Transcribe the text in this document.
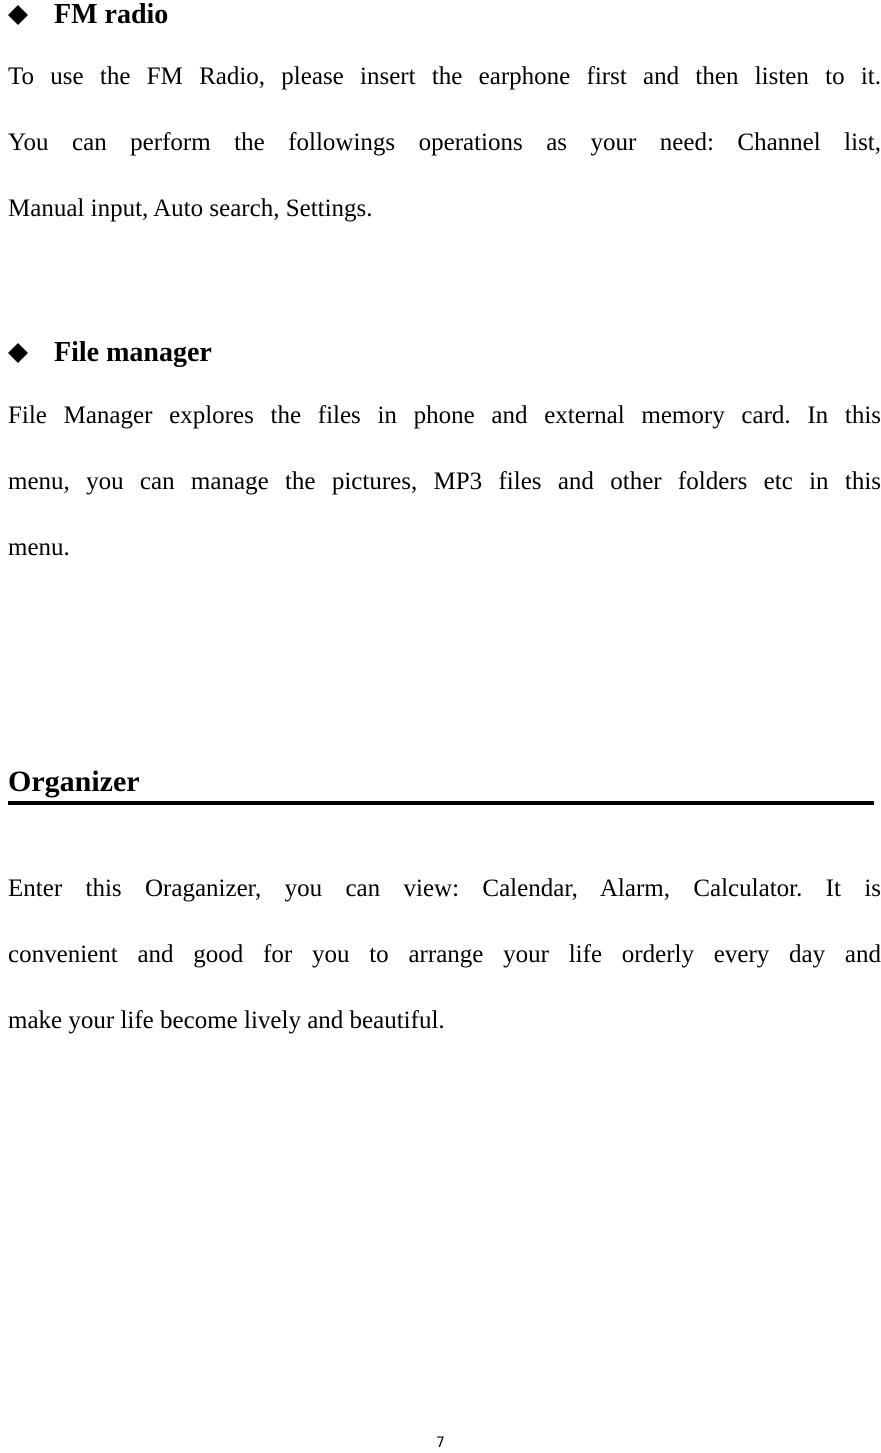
FM radio
To use the FM Radio, please insert the earphone first and then listen to it.
You can perform the followings operations as your need: Channel list,
Manual input, Auto search, Settings.
File manager
File Manager explores the files in phone and external memory card. In this
menu, you can manage the pictures, MP3 files and other folders etc in this
menu.
Organizer
Enter this Oraganizer, you can view: Calendar, Alarm, Calculator. It is
convenient and good for you to arrange your life orderly every day and
make your life become lively and beautiful.
7
